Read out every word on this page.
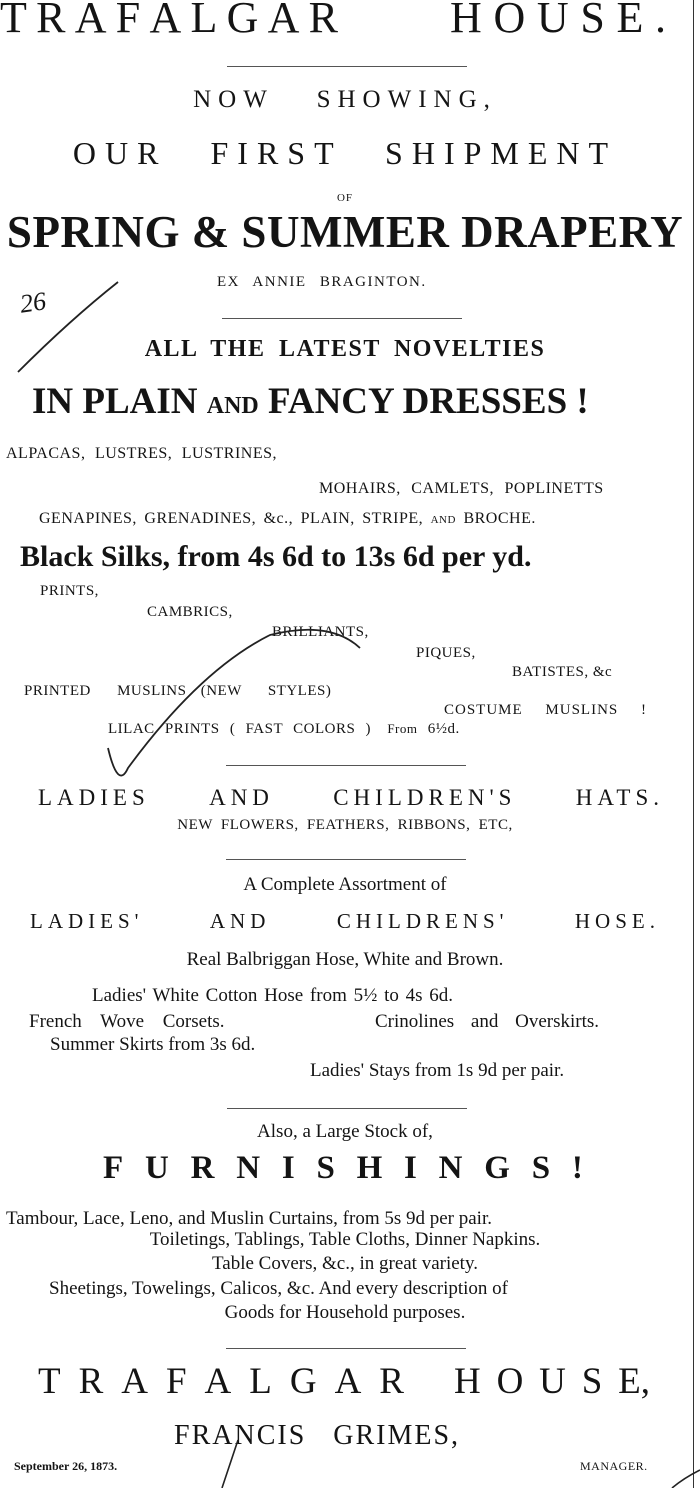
T R A F A L G A R	H O U S E .
NOW SHOWING,
OUR FIRST SHIPMENT
OF
SPRING & SUMMER DRAPERY
EX ANNIE BRAGINTON.
26
ALL THE LATEST NOVELTIES
IN PLAIN AND FANCY DRESSES !
ALPACAS, LUSTRES, LUSTRINES,
MOHAIRS, CAMLETS, POPLINETTS
GENAPINES, GRENADINES, &c., PLAIN, STRIPE, AND BROCHE.
Black Silks, from 4s 6d to 13s 6d per yd.
PRINTS,
CAMBRICS,
BRILLIANTS,
PIQUES,
BATISTES, &c
PRINTED MUSLINS (NEW STYLES)
COSTUME MUSLINS !
LILAC PRINTS ( FAST COLORS ) From 6½d.
LADIES	AND	CHILDREN'S	HATS.
NEW FLOWERS, FEATHERS, RIBBONS, ETC,
A Complete Assortment of
LADIES'	AND	CHILDRENS'	HOSE.
Real Balbriggan Hose, White and Brown.
Ladies' White Cotton Hose from 5½ to 4s 6d.
French Wove Corsets.	Crinolines and Overskirts.
Summer Skirts from 3s 6d.
Ladies' Stays from 1s 9d per pair.
Also, a Large Stock of,
F U R N I S H I N G S !
Tambour, Lace, Leno, and Muslin Curtains, from 5s 9d per pair.
Toiletings, Tablings, Table Cloths, Dinner Napkins.
Table Covers, &c., in great variety.
Sheetings, Towelings, Calicos, &c. And every description of
Goods for Household purposes.
T R A F A L G A R H O U S E,
FRANCIS GRIMES,
September 26, 1873.	MANAGER.
